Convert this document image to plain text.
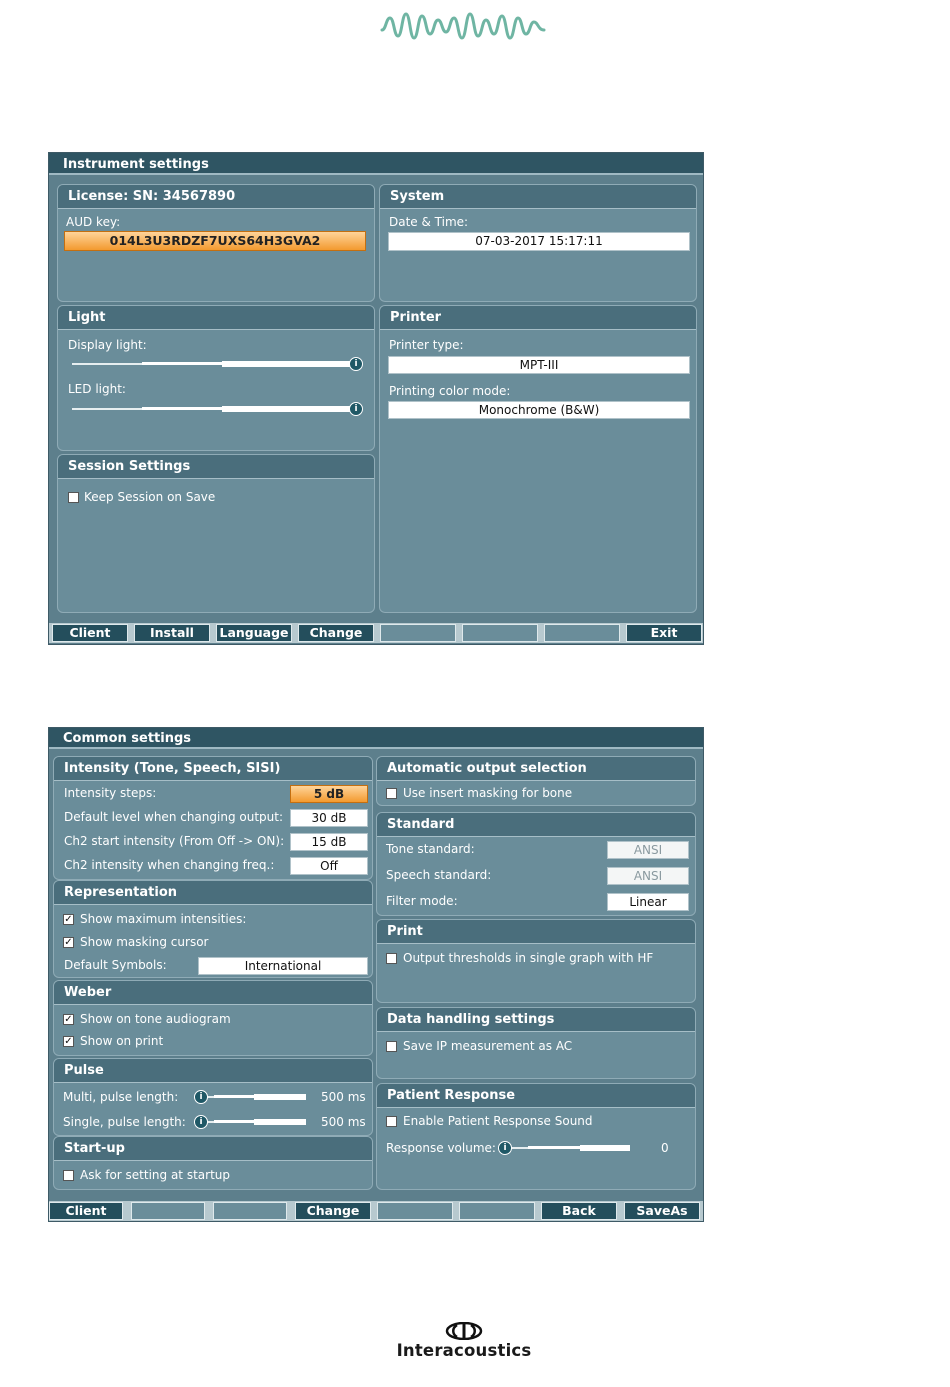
Instrument settings
License: SN: 34567890
AUD key:
014L3U3RDZF7UXS64H3GVA2
System
Date & Time:
07-03-2017 15:17:11
Light
Display light:
i
LED light:
i
Printer
Printer type:
MPT-III
Printing color mode:
Monochrome (B&W)
Session Settings
Keep Session on Save
Client	Install	Language	Change	Exit
Common settings
Intensity (Tone, Speech, SISI)
Intensity steps:	5 dB
Default level when changing output:	30 dB
Ch2 start intensity (From Off -> ON):	15 dB
Ch2 intensity when changing freq.:	Off
Representation
✓ Show maximum intensities:
✓ Show masking cursor
Default Symbols:	International
Weber
✓ Show on tone audiogram
✓ Show on print
Pulse
Multi, pulse length:	i	500 ms
Single, pulse length:	i	500 ms
Start-up
Ask for setting at startup
Automatic output selection
Use insert masking for bone
Standard
Tone standard:	ANSI
Speech standard:	ANSI
Filter mode:	Linear
Print
Output thresholds in single graph with HF
Data handling settings
Save IP measurement as AC
Patient Response
Enable Patient Response Sound
Response volume: i	0
Client	Change	Back	SaveAs
Interacoustics
